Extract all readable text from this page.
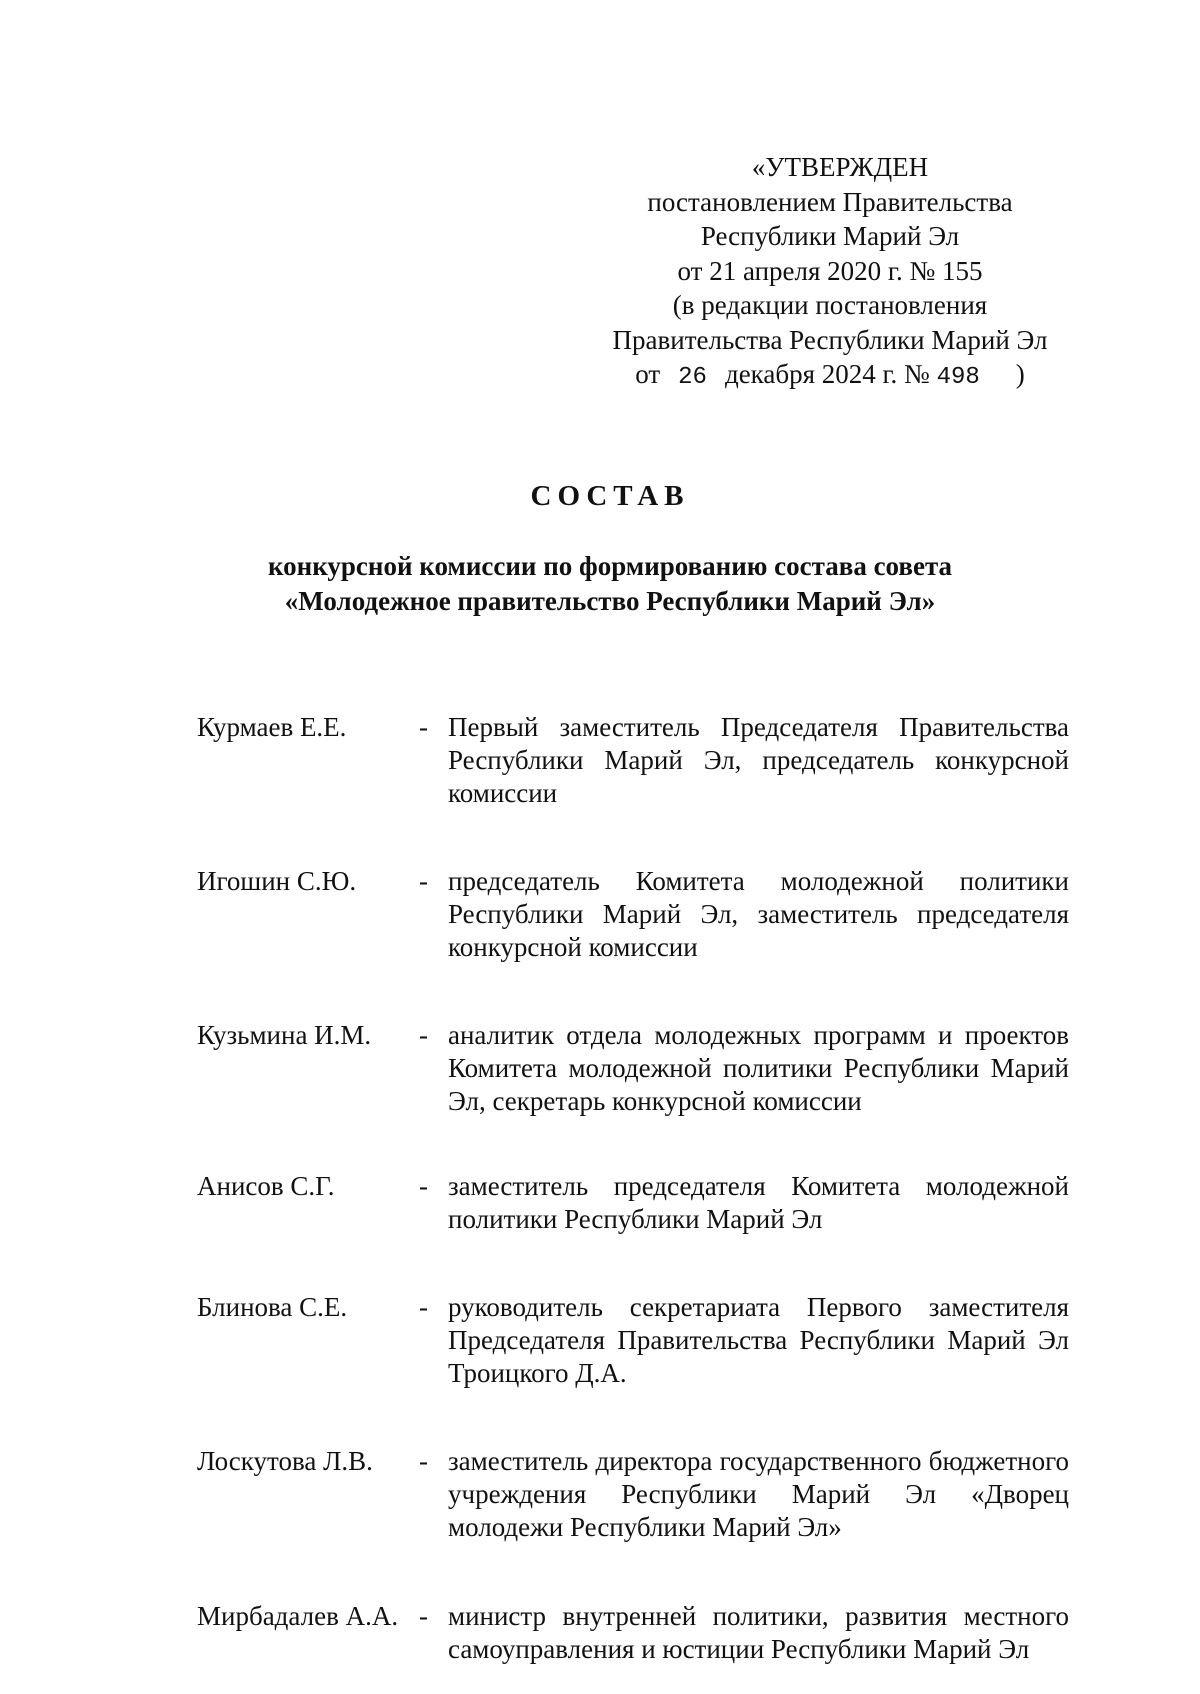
«УТВЕРЖДЕН
постановлением Правительства
Республики Марий Эл
от 21 апреля 2020 г. № 155
(в редакции постановления
Правительства Республики Марий Эл
от 26 декабря 2024 г. № 498 )
СОСТАВ
конкурсной комиссии по формированию состава совета
«Молодежное правительство Республики Марий Эл»
Курмаев Е.Е.	- Первый заместитель Председателя Правительства Республики Марий Эл, председатель конкурсной комиссии
Игошин С.Ю.	- председатель Комитета молодежной политики Республики Марий Эл, заместитель председателя конкурсной комиссии
Кузьмина И.М.	- аналитик отдела молодежных программ и проектов Комитета молодежной политики Республики Марий Эл, секретарь конкурсной комиссии
Анисов С.Г.	- заместитель председателя Комитета молодежной политики Республики Марий Эл
Блинова С.Е.	- руководитель секретариата Первого заместителя Председателя Правительства Республики Марий Эл Троицкого Д.А.
Лоскутова Л.В.	- заместитель директора государственного бюджетного учреждения Республики Марий Эл «Дворец молодежи Республики Марий Эл»
Мирбадалев А.А. - министр внутренней политики, развития местного самоуправления и юстиции Республики Марий Эл
